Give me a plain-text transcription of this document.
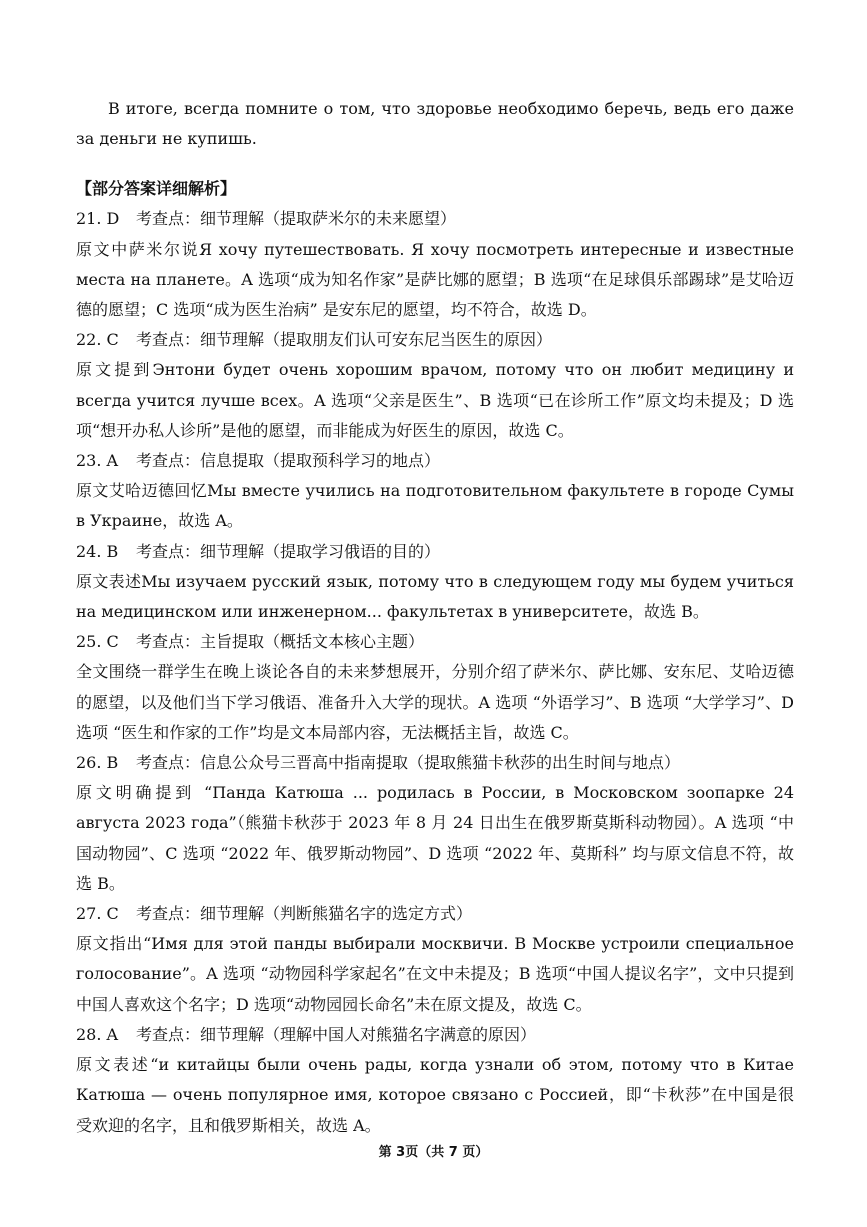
В итоге, всегда помните о том, что здоровье необходимо беречь, ведь его даже за деньги не купишь.

【部分答案详细解析】
21. D	考查点：细节理解（提取萨米尔的未来愿望）

原文中萨米尔说Я хочу путешествовать. Я хочу посмотреть интересные и известные места на планете。A 选项“成为知名作家”是萨比娜的愿望；B 选项“在足球俱乐部踢球”是艾哈迈德的愿望；C 选项“成为医生治病” 是安东尼的愿望，均不符合，故选 D。

22. C	考查点：细节理解（提取朋友们认可安东尼当医生的原因）

原文提到Энтони будет очень хорошим врачом, потому что он любит медицину и всегда учится лучше всех。A 选项“父亲是医生”、B 选项“已在诊所工作”原文均未提及；D 选项“想开办私人诊所”是他的愿望，而非能成为好医生的原因，故选 C。

23. A	考查点：信息提取（提取预科学习的地点）

原文艾哈迈德回忆Мы вместе учились на подготовительном факультете в городе Сумы в Украине，故选 A。

24. B	考查点：细节理解（提取学习俄语的目的）

原文表述Мы изучаем русский язык, потому что в следующем году мы будем учиться на медицинском или инженерном... факультетах в университете，故选 B。

25. C	考查点：主旨提取（概括文本核心主题）

全文围绕一群学生在晚上谈论各自的未来梦想展开，分别介绍了萨米尔、萨比娜、安东尼、艾哈迈德的愿望，以及他们当下学习俄语、准备升入大学的现状。A 选项 “外语学习”、B 选项 “大学学习”、D 选项 “医生和作家的工作”均是文本局部内容，无法概括主旨，故选 C。

26. B	考查点：信息公众号三晋高中指南提取（提取熊猫卡秋莎的出生时间与地点）

原文明确提到 “Панда Катюша ... родилась в России, в Московском зоопарке 24 августа 2023 года”（熊猫卡秋莎于 2023 年 8 月 24 日出生在俄罗斯莫斯科动物园）。A 选项 “中国动物园”、C 选项 “2022 年、俄罗斯动物园”、D 选项 “2022 年、莫斯科” 均与原文信息不符，故选 B。

27. C	考查点：细节理解（判断熊猫名字的选定方式）

原文指出“Имя для этой панды выбирали москвичи. В Москве устроили специальное голосование”。A 选项 “动物园科学家起名”在文中未提及；B 选项“中国人提议名字”，文中只提到中国人喜欢这个名字；D 选项“动物园园长命名”未在原文提及，故选 C。

28. A	考查点：细节理解（理解中国人对熊猫名字满意的原因）

原文表述“и китайцы были очень рады, когда узнали об этом, потому что в Китае Катюша — очень популярное имя, которое связано с Россией，即“卡秋莎”在中国是很受欢迎的名字，且和俄罗斯相关，故选 A。

第 3页（共 7 页）
